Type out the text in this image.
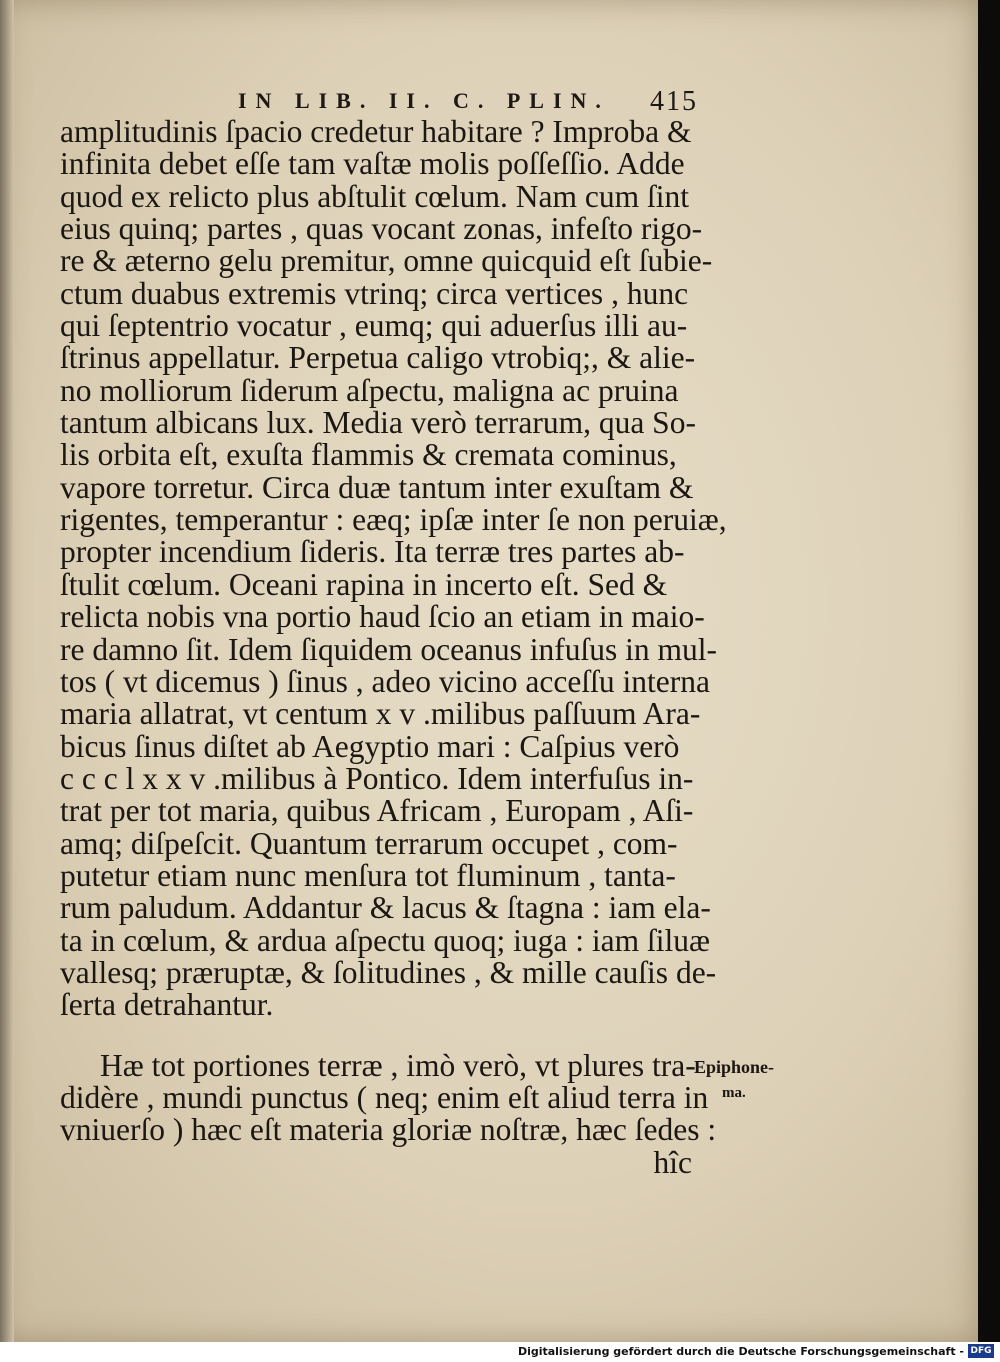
IN LIB. II. C. PLIN. 415
amplitudinis ſpacio credetur habitare ? Improba &
infinita debet eſſe tam vaſtæ molis poſſeſſio. Adde
quod ex relicto plus abſtulit cœlum. Nam cum ſint
eius quinq; partes , quas vocant zonas, infeſto rigo-
re & æterno gelu premitur, omne quicquid eſt ſubie-
ctum duabus extremis vtrinq; circa vertices , hunc
qui ſeptentrio vocatur , eumq; qui aduerſus illi au-
ſtrinus appellatur. Perpetua caligo vtrobiq;, & alie-
no molliorum ſiderum aſpectu, maligna ac pruina
tantum albicans lux. Media verò terrarum, qua So-
lis orbita eſt, exuſta flammis & cremata cominus,
vapore torretur. Circa duæ tantum inter exuſtam &
rigentes, temperantur : eæq; ipſæ inter ſe non peruiæ,
propter incendium ſideris. Ita terræ tres partes ab-
ſtulit cœlum. Oceani rapina in incerto eſt. Sed &
relicta nobis vna portio haud ſcio an etiam in maio-
re damno ſit. Idem ſiquidem oceanus infuſus in mul-
tos ( vt dicemus ) ſinus , adeo vicino acceſſu interna
maria allatrat, vt centum x v .milibus paſſuum Ara-
bicus ſinus diſtet ab Aegyptio mari : Caſpius verò
c c c l x x v .milibus à Pontico. Idem interfuſus in-
trat per tot maria, quibus Africam , Europam , Aſi-
amq; diſpeſcit. Quantum terrarum occupet , com-
putetur etiam nunc menſura tot fluminum , tanta-
rum paludum. Addantur & lacus & ſtagna : iam ela-
ta in cœlum, & ardua aſpectu quoq; iuga : iam ſiluæ
vallesq; præruptæ, & ſolitudines , & mille cauſis de-
ſerta detrahantur.
Hæ tot portiones terræ , imò verò, vt plures tra-
didère , mundi punctus ( neq; enim eſt aliud terra in
vniuerſo ) hæc eſt materia gloriæ noſtræ, hæc ſedes :
hîc
Epiphone-
ma.
Digitalisierung gefördert durch die Deutsche Forschungsgemeinschaft - DFG
